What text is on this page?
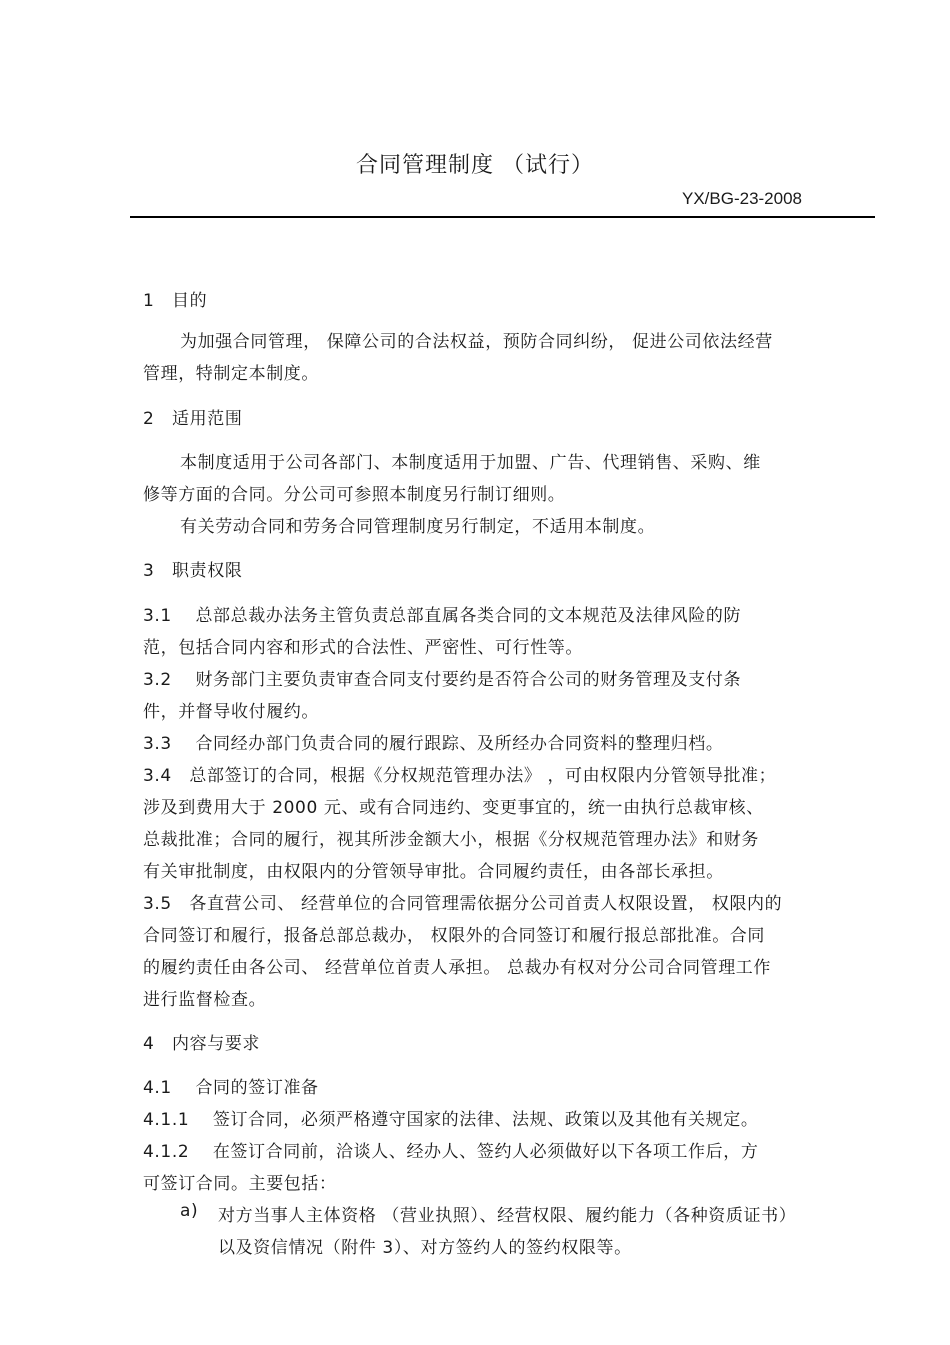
合同管理制度 （试行）
YX/BG-23-2008
1　目的
为加强合同管理， 保障公司的合法权益，预防合同纠纷， 促进公司依法经营
管理，特制定本制度。
2　适用范围
本制度适用于公司各部门、本制度适用于加盟、广告、代理销售、采购、维
修等方面的合同。分公司可参照本制度另行制订细则。
有关劳动合同和劳务合同管理制度另行制定，不适用本制度。
3　职责权限
3.1　 总部总裁办法务主管负责总部直属各类合同的文本规范及法律风险的防
范，包括合同内容和形式的合法性、严密性、可行性等。
3.2　 财务部门主要负责审查合同支付要约是否符合公司的财务管理及支付条
件，并督导收付履约。
3.3　 合同经办部门负责合同的履行跟踪、及所经办合同资料的整理归档。
3.4　总部签订的合同，根据《分权规范管理办法》 ，可由权限内分管领导批准；
涉及到费用大于 2000 元、或有合同违约、变更事宜的，统一由执行总裁审核、
总裁批准；合同的履行，视其所涉金额大小，根据《分权规范管理办法》和财务
有关审批制度，由权限内的分管领导审批。合同履约责任，由各部长承担。
3.5　各直营公司、 经营单位的合同管理需依据分公司首责人权限设置， 权限内的
合同签订和履行，报备总部总裁办， 权限外的合同签订和履行报总部批准。合同
的履约责任由各公司、 经营单位首责人承担。 总裁办有权对分公司合同管理工作
进行监督检查。
4　内容与要求
4.1　 合同的签订准备
4.1.1　 签订合同，必须严格遵守国家的法律、法规、政策以及其他有关规定。
4.1.2　 在签订合同前，洽谈人、经办人、签约人必须做好以下各项工作后，方
可签订合同。主要包括：
a) 对方当事人主体资格 （营业执照）、经营权限、履约能力（各种资质证书）
以及资信情况（附件 3）、对方签约人的签约权限等。
